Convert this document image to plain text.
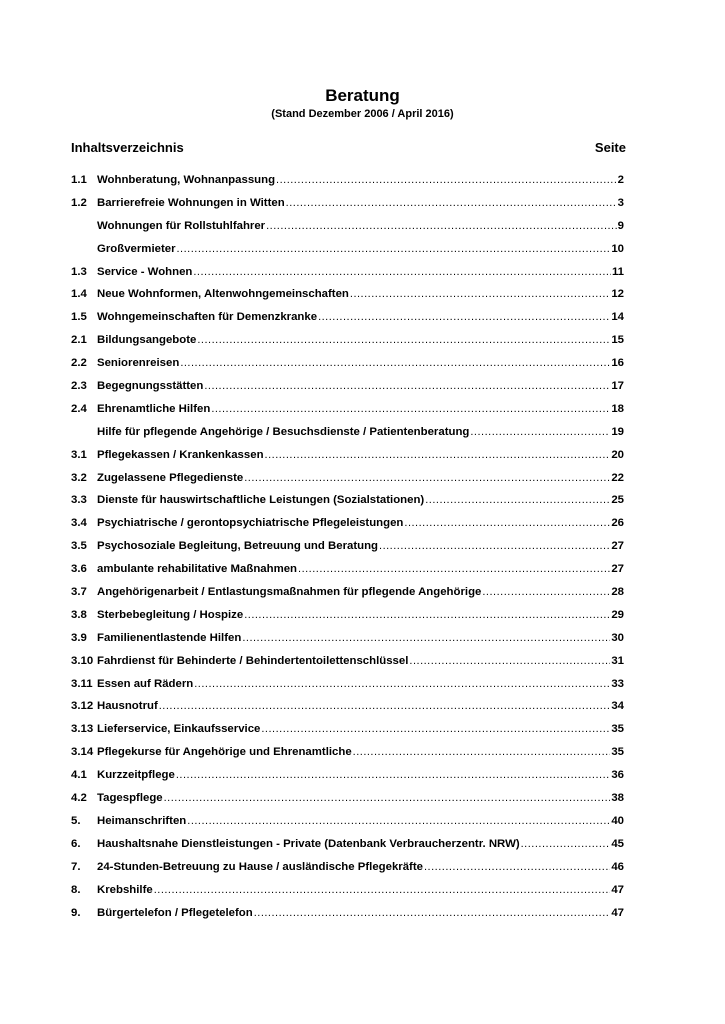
Beratung

(Stand Dezember 2006 / April 2016)

Inhaltsverzeichnis	Seite
1.1 Wohnberatung, Wohnanpassung .....	2
1.2 Barrierefreie Wohnungen in Witten .....	3
Wohnungen für Rollstuhlfahrer .....	9
Großvermieter .....	10
1.3 Service - Wohnen .....	11
1.4 Neue Wohnformen, Altenwohngemeinschaften .....	12
1.5 Wohngemeinschaften für Demenzkranke .....	14
2.1 Bildungsangebote .....	15
2.2 Seniorenreisen .....	16
2.3 Begegnungsstätten .....	17
2.4 Ehrenamtliche Hilfen .....	18
Hilfe für pflegende Angehörige / Besuchsdienste / Patientenberatung .....	19
3.1 Pflegekassen / Krankenkassen .....	20
3.2 Zugelassene Pflegedienste .....	22
3.3 Dienste für hauswirtschaftliche Leistungen (Sozialstationen) .....	25
3.4 Psychiatrische / gerontopsychiatrische Pflegeleistungen .....	26
3.5 Psychosoziale Begleitung, Betreuung und Beratung .....	27
3.6 ambulante rehabilitative Maßnahmen .....	27
3.7 Angehörigenarbeit / Entlastungsmaßnahmen für pflegende Angehörige .....	28
3.8 Sterbebegleitung / Hospize .....	29
3.9 Familienentlastende Hilfen .....	30
3.10 Fahrdienst für Behinderte / Behindertentoilettenschlüssel .....	31
3.11 Essen auf Rädern .....	33
3.12 Hausnotruf .....	34
3.13 Lieferservice, Einkaufsservice .....	35
3.14 Pflegekurse für Angehörige und Ehrenamtliche .....	35
4.1 Kurzzeitpflege .....	36
4.2 Tagespflege .....	38
5.	Heimanschriften .....	40
6.	Haushaltsnahe Dienstleistungen - Private (Datenbank Verbraucherzentr. NRW) .....	45
7.	24-Stunden-Betreuung zu Hause / ausländische Pflegekräfte .....	46
8.	Krebshilfe .....	47
9.	Bürgertelefon / Pflegetelefon .....	47
